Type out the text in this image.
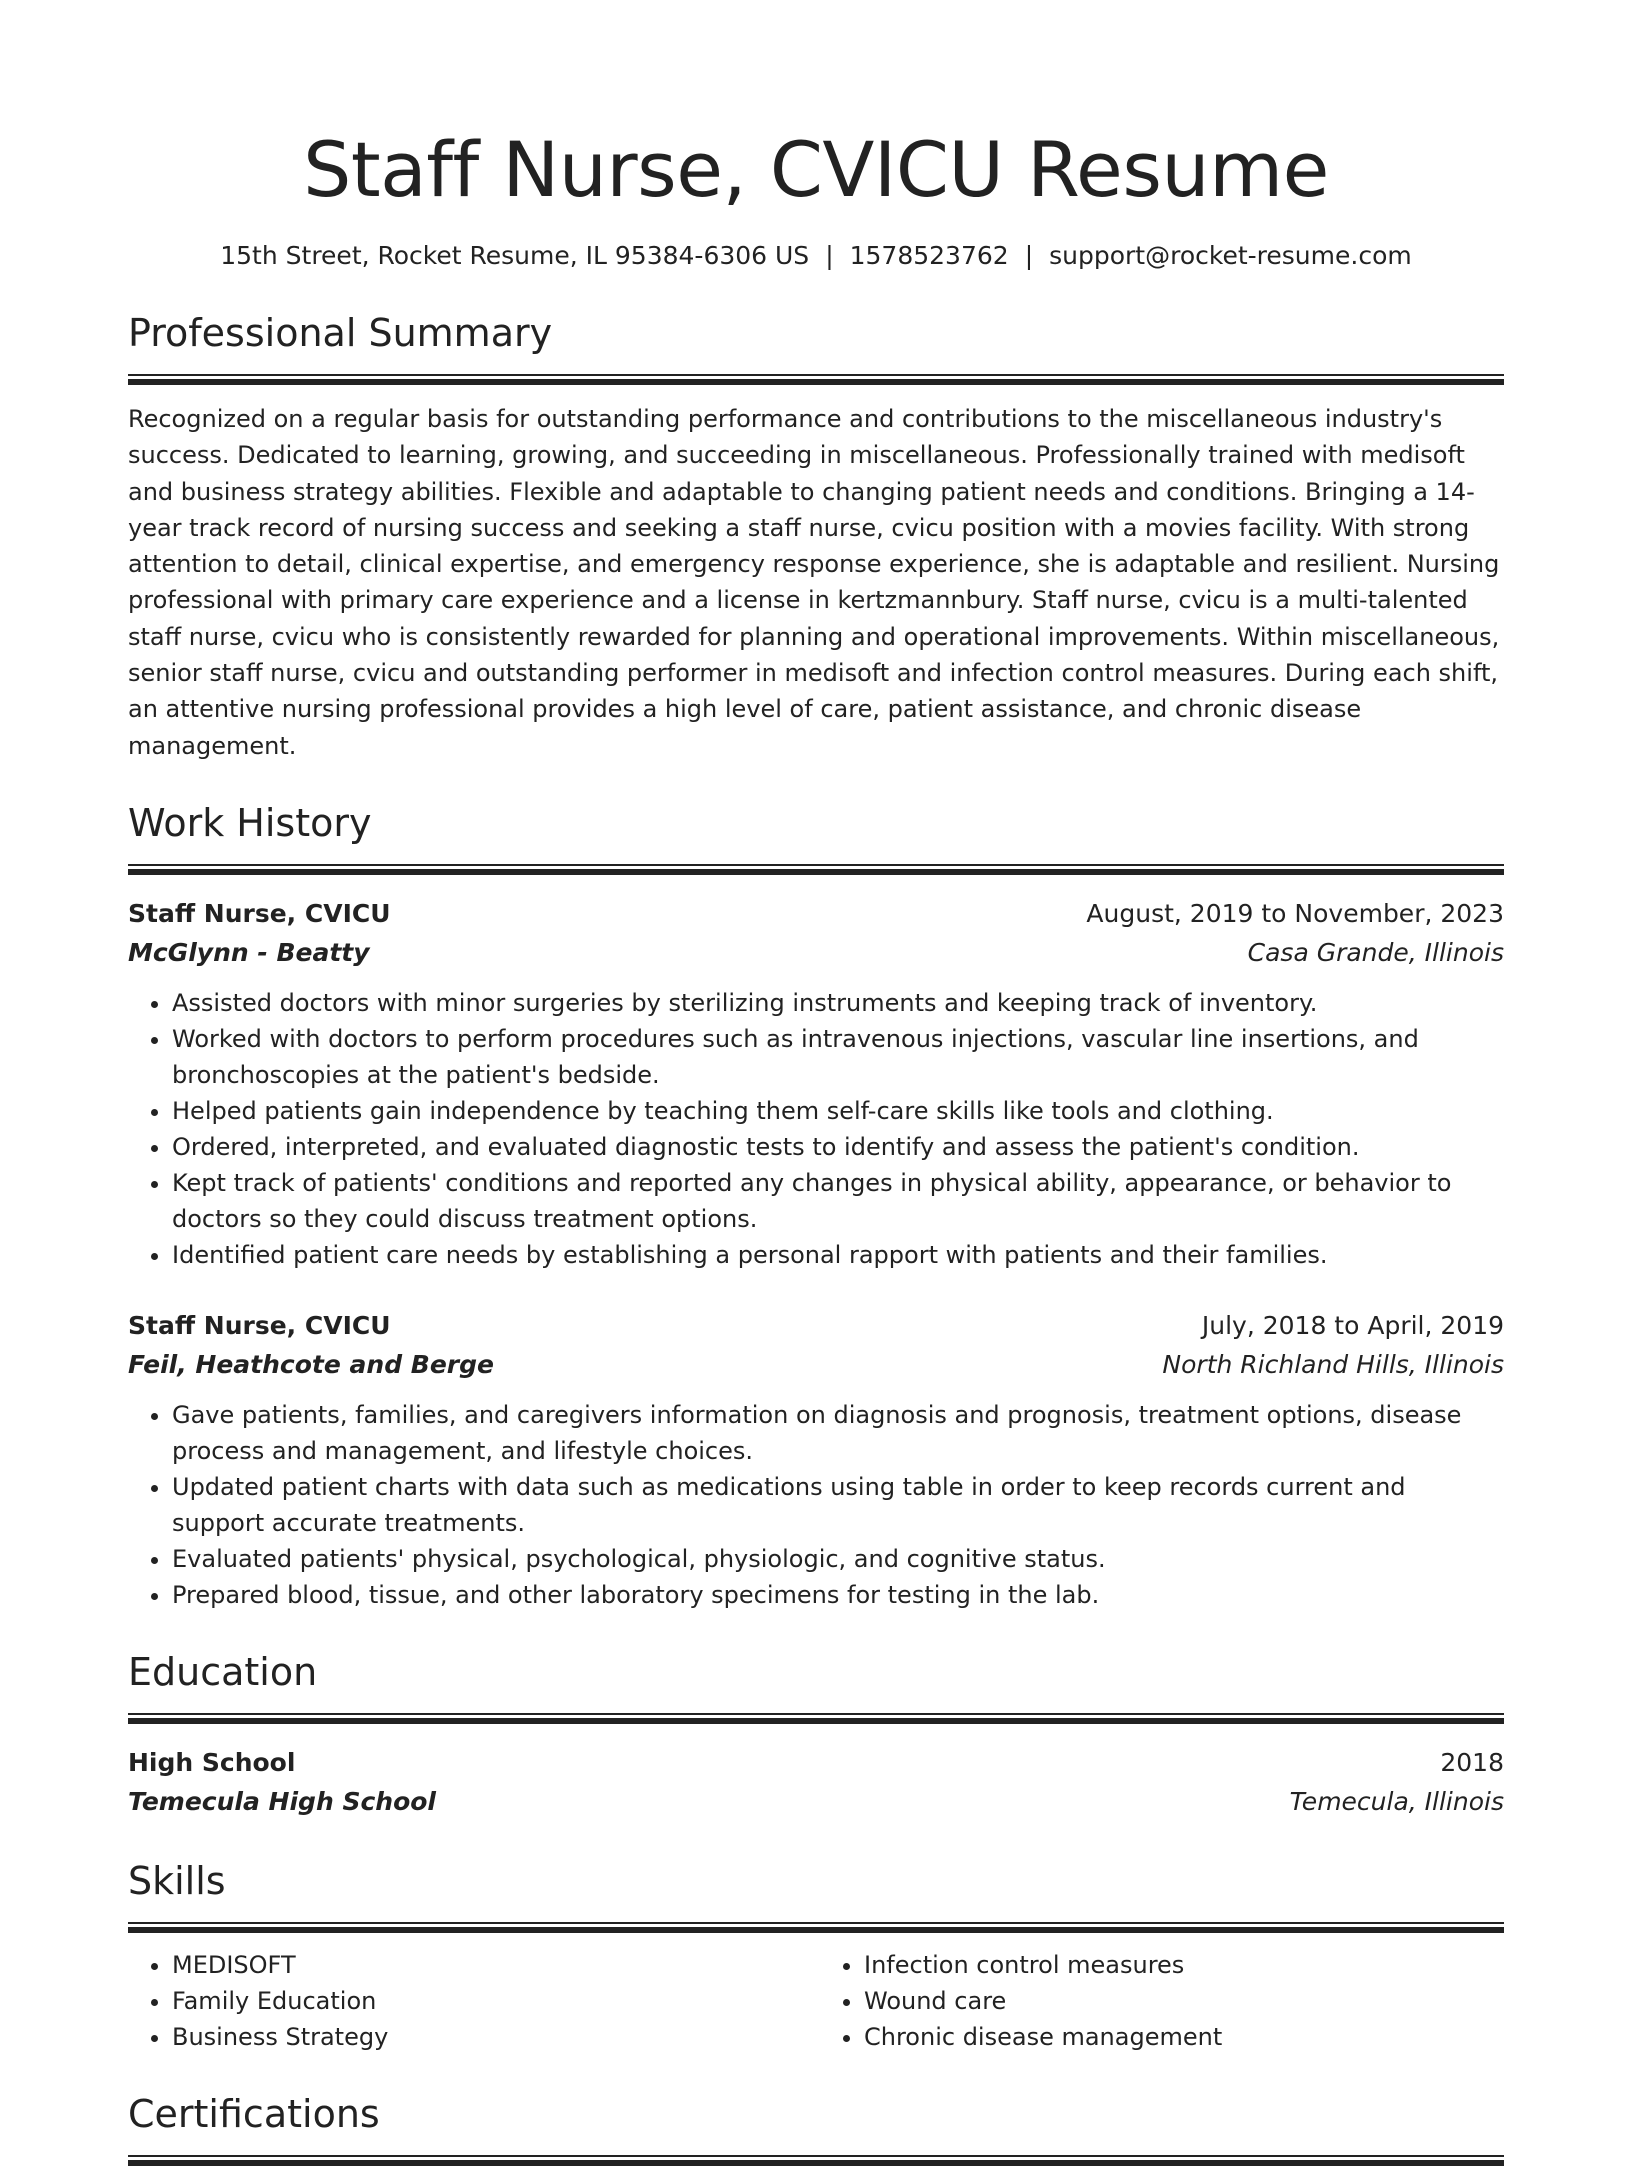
Staff Nurse, CVICU Resume
15th Street, Rocket Resume, IL 95384-6306 US | 1578523762 | support@rocket-resume.com
Professional Summary
Recognized on a regular basis for outstanding performance and contributions to the miscellaneous industry's success. Dedicated to learning, growing, and succeeding in miscellaneous. Professionally trained with medisoft and business strategy abilities. Flexible and adaptable to changing patient needs and conditions. Bringing a 14-year track record of nursing success and seeking a staff nurse, cvicu position with a movies facility. With strong attention to detail, clinical expertise, and emergency response experience, she is adaptable and resilient. Nursing professional with primary care experience and a license in kertzmannbury. Staff nurse, cvicu is a multi-talented staff nurse, cvicu who is consistently rewarded for planning and operational improvements. Within miscellaneous, senior staff nurse, cvicu and outstanding performer in medisoft and infection control measures. During each shift, an attentive nursing professional provides a high level of care, patient assistance, and chronic disease management.
Work History
Staff Nurse, CVICU	August, 2019 to November, 2023
McGlynn - Beatty	Casa Grande, Illinois
• Assisted doctors with minor surgeries by sterilizing instruments and keeping track of inventory.
• Worked with doctors to perform procedures such as intravenous injections, vascular line insertions, and bronchoscopies at the patient's bedside.
• Helped patients gain independence by teaching them self-care skills like tools and clothing.
• Ordered, interpreted, and evaluated diagnostic tests to identify and assess the patient's condition.
• Kept track of patients' conditions and reported any changes in physical ability, appearance, or behavior to doctors so they could discuss treatment options.
• Identified patient care needs by establishing a personal rapport with patients and their families.
Staff Nurse, CVICU	July, 2018 to April, 2019
Feil, Heathcote and Berge	North Richland Hills, Illinois
• Gave patients, families, and caregivers information on diagnosis and prognosis, treatment options, disease process and management, and lifestyle choices.
• Updated patient charts with data such as medications using table in order to keep records current and support accurate treatments.
• Evaluated patients' physical, psychological, physiologic, and cognitive status.
• Prepared blood, tissue, and other laboratory specimens for testing in the lab.
Education
High School	2018
Temecula High School	Temecula, Illinois
Skills
• MEDISOFT
• Family Education
• Business Strategy
• Infection control measures
• Wound care
• Chronic disease management
Certifications
